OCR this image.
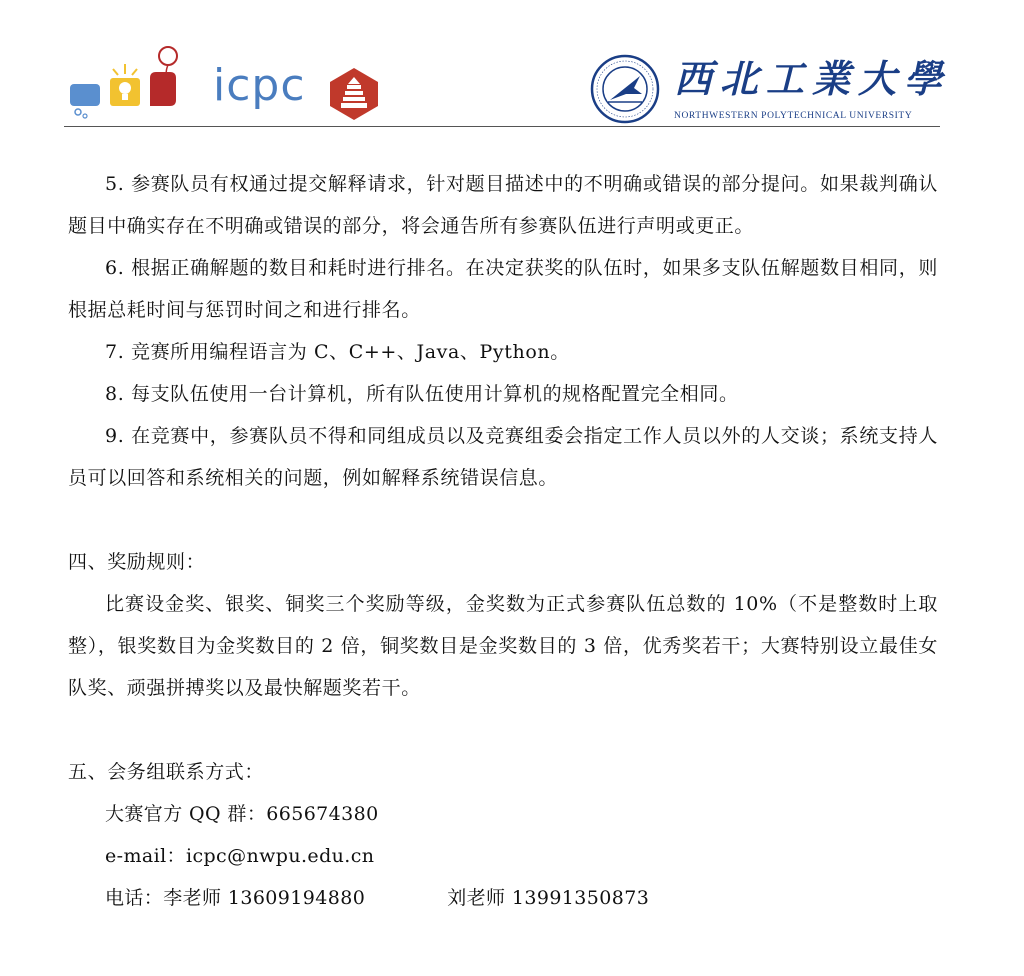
icpc	西北工業大學
NORTHWESTERN POLYTECHNICAL UNIVERSITY

5. 参赛队员有权通过提交解释请求，针对题目描述中的不明确或错误的部分提问。如果裁判确认题目中确实存在不明确或错误的部分，将会通告所有参赛队伍进行声明或更正。

6. 根据正确解题的数目和耗时进行排名。在决定获奖的队伍时，如果多支队伍解题数目相同，则根据总耗时间与惩罚时间之和进行排名。

7. 竞赛所用编程语言为 C、C++、Java、Python。

8. 每支队伍使用一台计算机，所有队伍使用计算机的规格配置完全相同。

9. 在竞赛中，参赛队员不得和同组成员以及竞赛组委会指定工作人员以外的人交谈；系统支持人员可以回答和系统相关的问题，例如解释系统错误信息。

四、奖励规则：

比赛设金奖、银奖、铜奖三个奖励等级，金奖数为正式参赛队伍总数的 10%（不是整数时上取整），银奖数目为金奖数目的 2 倍，铜奖数目是金奖数目的 3 倍，优秀奖若干；大赛特别设立最佳女队奖、顽强拼搏奖以及最快解题奖若干。

五、会务组联系方式：

大赛官方 QQ 群：665674380

e-mail：icpc@nwpu.edu.cn

电话：李老师 13609194880	刘老师 13991350873
